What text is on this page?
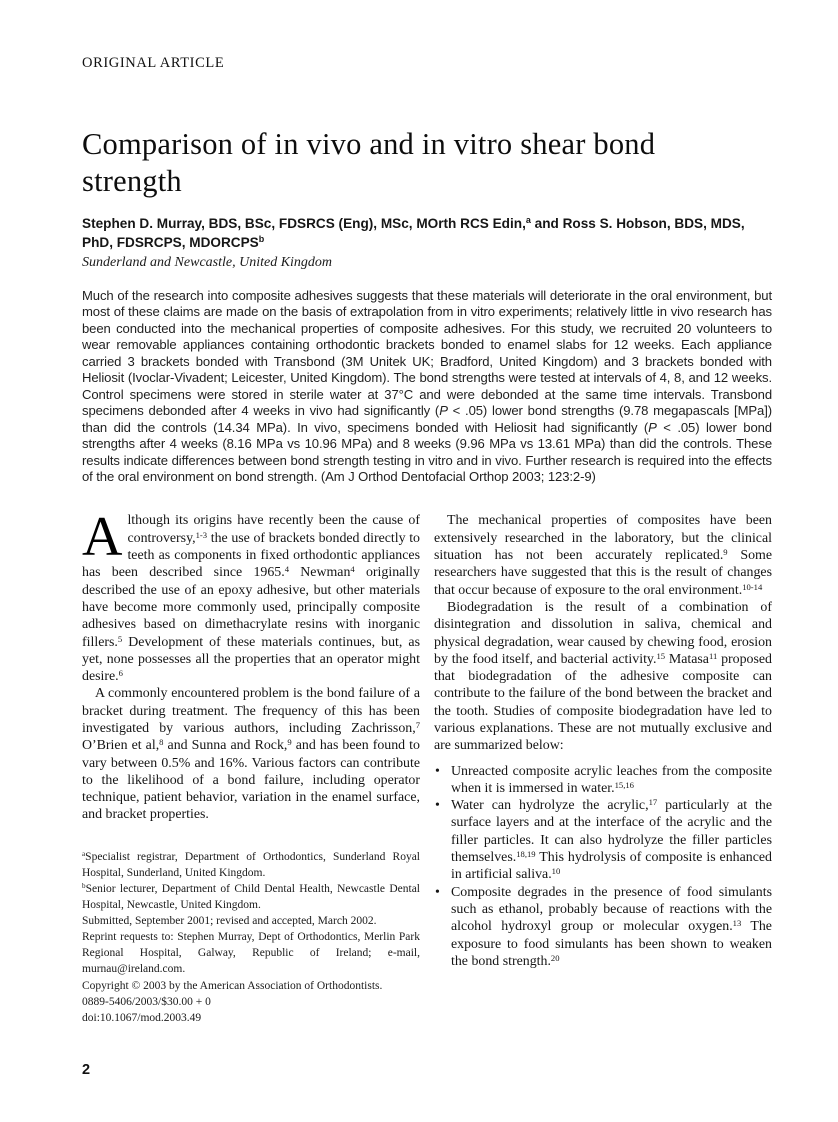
ORIGINAL ARTICLE
Comparison of in vivo and in vitro shear bond strength
Stephen D. Murray, BDS, BSc, FDSRCS (Eng), MSc, MOrth RCS Edin,$^a$ and Ross S. Hobson, BDS, MDS, PhD, FDSRCPS, MDORCPS$^b$
Sunderland and Newcastle, United Kingdom
Much of the research into composite adhesives suggests that these materials will deteriorate in the oral environment, but most of these claims are made on the basis of extrapolation from in vitro experiments; relatively little in vivo research has been conducted into the mechanical properties of composite adhesives. For this study, we recruited 20 volunteers to wear removable appliances containing orthodontic brackets bonded to enamel slabs for 12 weeks. Each appliance carried 3 brackets bonded with Transbond (3M Unitek UK; Bradford, United Kingdom) and 3 brackets bonded with Heliosit (Ivoclar-Vivadent; Leicester, United Kingdom). The bond strengths were tested at intervals of 4, 8, and 12 weeks. Control specimens were stored in sterile water at 37°C and were debonded at the same time intervals. Transbond specimens debonded after 4 weeks in vivo had significantly (P < .05) lower bond strengths (9.78 megapascals [MPa]) than did the controls (14.34 MPa). In vivo, specimens bonded with Heliosit had significantly (P < .05) lower bond strengths after 4 weeks (8.16 MPa vs 10.96 MPa) and 8 weeks (9.96 MPa vs 13.61 MPa) than did the controls. These results indicate differences between bond strength testing in vitro and in vivo. Further research is required into the effects of the oral environment on bond strength. (Am J Orthod Dentofacial Orthop 2003; 123:2-9)

Although its origins have recently been the cause of controversy,$^{1-3}$ the use of brackets bonded directly to teeth as components in fixed orthodontic appliances has been described since 1965.$^4$ Newman$^4$ originally described the use of an epoxy adhesive, but other materials have become more commonly used, principally composite adhesives based on dimethacrylate resins with inorganic fillers.$^5$ Development of these materials continues, but, as yet, none possesses all the properties that an operator might desire.$^6$

A commonly encountered problem is the bond failure of a bracket during treatment. The frequency of this has been investigated by various authors, including Zachrisson,$^7$ O’Brien et al,$^8$ and Sunna and Rock,$^9$ and has been found to vary between 0.5% and 16%. Various factors can contribute to the likelihood of a bond failure, including operator technique, patient behavior, variation in the enamel surface, and bracket properties.

$^a$Specialist registrar, Department of Orthodontics, Sunderland Royal Hospital, Sunderland, United Kingdom.

$^b$Senior lecturer, Department of Child Dental Health, Newcastle Dental Hospital, Newcastle, United Kingdom.

Submitted, September 2001; revised and accepted, March 2002.

Reprint requests to: Stephen Murray, Dept of Orthodontics, Merlin Park Regional Hospital, Galway, Republic of Ireland; e-mail, murnau@ireland.com.

Copyright © 2003 by the American Association of Orthodontists.

0889-5406/2003/$30.00 + 0

doi:10.1067/mod.2003.49

The mechanical properties of composites have been extensively researched in the laboratory, but the clinical situation has not been accurately replicated.$^9$ Some researchers have suggested that this is the result of changes that occur because of exposure to the oral environment.$^{10-14}$

Biodegradation is the result of a combination of disintegration and dissolution in saliva, chemical and physical degradation, wear caused by chewing food, erosion by the food itself, and bacterial activity.$^{15}$ Matasa$^{11}$ proposed that biodegradation of the adhesive composite can contribute to the failure of the bond between the bracket and the tooth. Studies of composite biodegradation have led to various explanations. These are not mutually exclusive and are summarized below:

• Unreacted composite acrylic leaches from the composite when it is immersed in water.$^{15,16}$

• Water can hydrolyze the acrylic,$^{17}$ particularly at the surface layers and at the interface of the acrylic and the filler particles. It can also hydrolyze the filler particles themselves.$^{18,19}$ This hydrolysis of composite is enhanced in artificial saliva.$^{10}$

• Composite degrades in the presence of food simulants such as ethanol, probably because of reactions with the alcohol hydroxyl group or molecular oxygen.$^{13}$ The exposure to food simulants has been shown to weaken the bond strength.$^{20}$

2
